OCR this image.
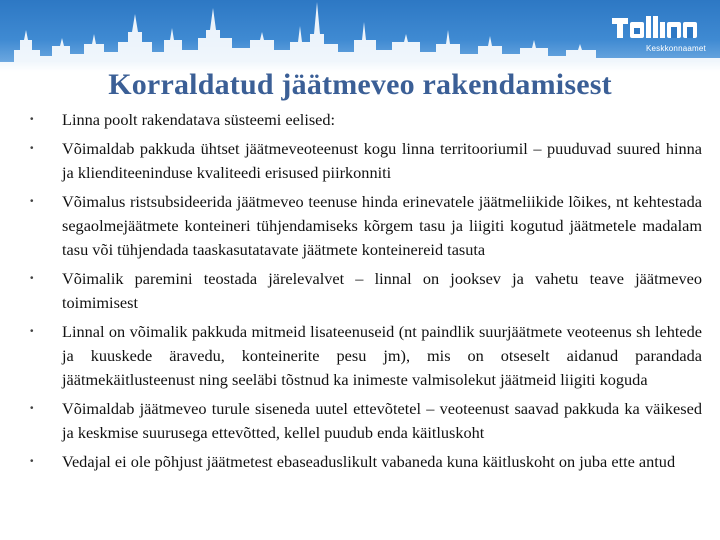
Keskkonnaamet
Korraldatud jäätmeveo rakendamisest
• Linna poolt rakendatava süsteemi eelised:
• Võimaldab pakkuda ühtset jäätmeveoteenust kogu linna territooriumil – puuduvad suured hinna ja klienditeeninduse kvaliteedi erisused piirkonniti
• Võimalus ristsubsideerida jäätmeveo teenuse hinda erinevatele jäätmeliikide lõikes, nt kehtestada segaolmejäätmete konteineri tühjendamiseks kõrgem tasu ja liigiti kogutud jäätmetele madalam tasu või tühjendada taaskasutatavate jäätmete konteinereid tasuta
• Võimalik paremini teostada järelevalvet – linnal on jooksev ja vahetu teave jäätmeveo toimimisest
• Linnal on võimalik pakkuda mitmeid lisateenuseid (nt paindlik suurjäätmete veoteenus sh lehtede ja kuuskede äravedu, konteinerite pesu jm), mis on otseselt aidanud parandada jäätmekäitlusteenust ning seeläbi tõstnud ka inimeste valmisolekut jäätmeid liigiti koguda
• Võimaldab jäätmeveo turule siseneda uutel ettevõtetel – veoteenust saavad pakkuda ka väikesed ja keskmise suurusega ettevõtted, kellel puudub enda käitluskoht
• Vedajal ei ole põhjust jäätmetest ebaseaduslikult vabaneda kuna käitluskoht on juba ette antud
